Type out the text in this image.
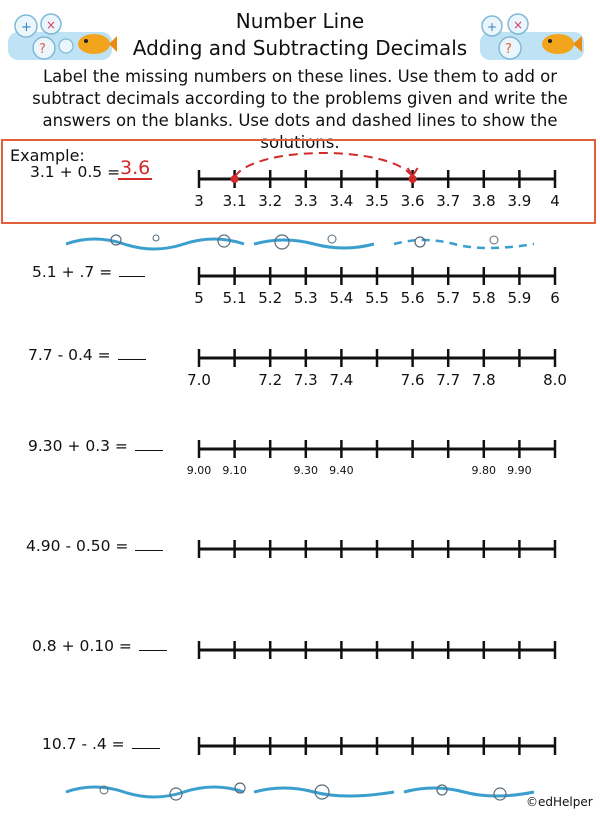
+ ×
?
+ ×
?
Number Line
Adding and Subtracting Decimals
Label the missing numbers on these lines. Use them to add or subtract decimals according to the problems given and write the answers on the blanks. Use dots and dashed lines to show the solutions.
Example:
3.1 + 0.5 = 3.6
5.1 + .7 =
7.7 - 0.4 =
9.30 + 0.3 =
4.90 - 0.50 =
0.8 + 0.10 =
10.7 - .4 =
3 3.1 3.2 3.3 3.4 3.5 3.6 3.7 3.8 3.9 4
5 5.1 5.2 5.3 5.4 5.5 5.6 5.7 5.8 5.9 6
7.0	7.2 7.3 7.4	7.6 7.7 7.8	8.0
9.00 9.10	9.30 9.40	9.80 9.90
©edHelper
